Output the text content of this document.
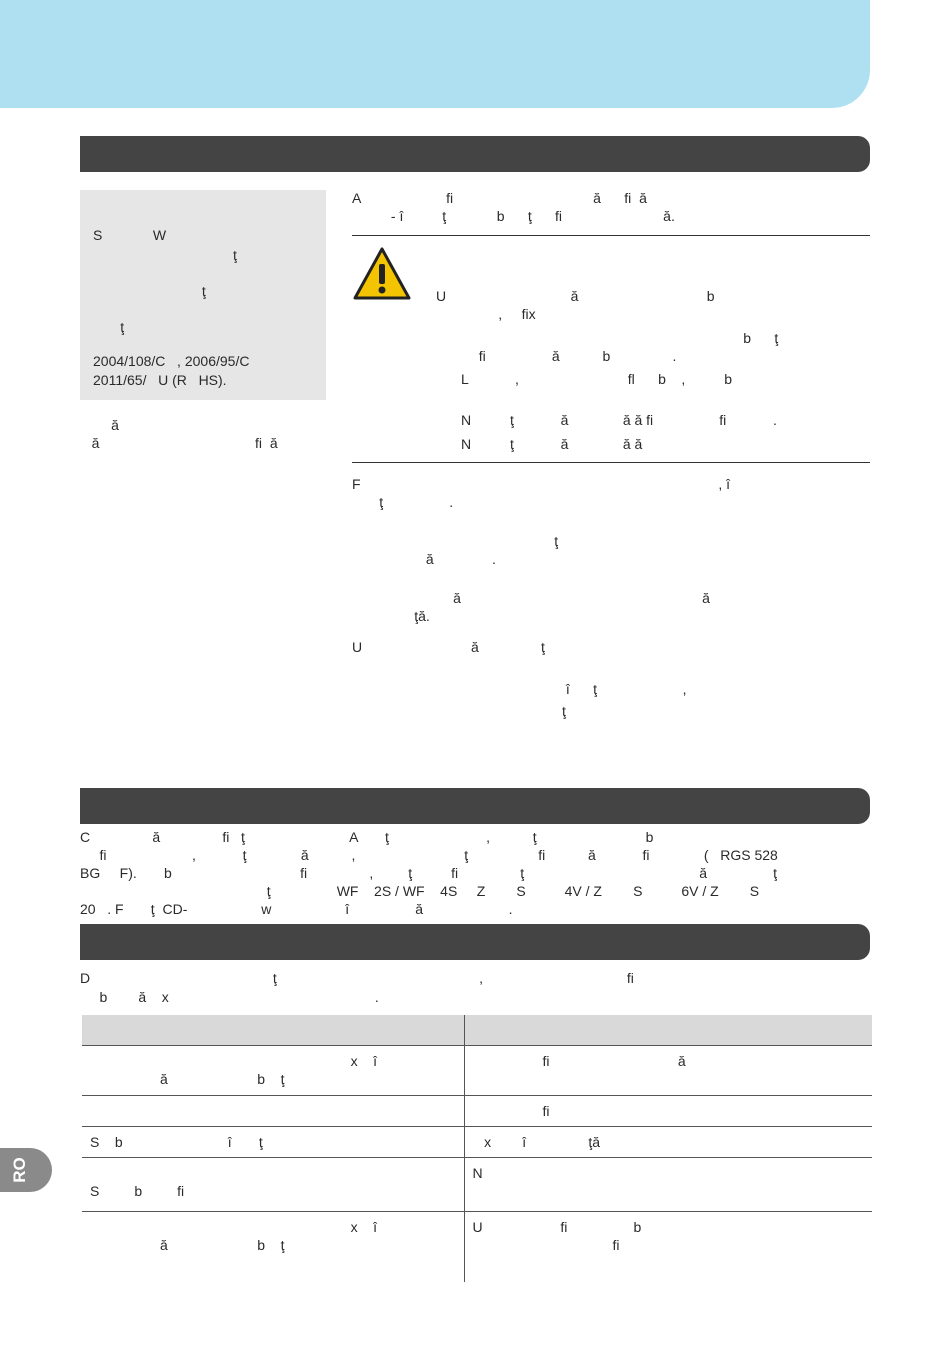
S             W

ţ

ţ

ţ

2004/108/C   , 2006/95/C

2011/65/   U (R   HS).

ă

ă                                        fi  ă

A                      fi                                    ă      fi  ă

- î          ţ             b      ţ      fi                          ă.

U                                ă                                 b

,     fix

b      ţ

fi                 ă           b                .

L            ,                            fl      b    ,          b

N          ţ            ă              ă ă fi                 fi            .

N          ţ            ă              ă ă

F                                                                                            , î

ţ                 .

ţ

ă               .

ă                                                              ă

ţă.

U                            ă                ţ

î      ţ                      ,

ţ

C                ă                fi   ţ                           A       ţ                         ,           ţ                            b

fi                      ,            ţ              ă           ,                            ţ                  fi           ă            fi              (   RGS 528

BG     F).       b                                 fi                ,         ţ          fi                ţ                                             ă                 ţ

ţ                 WF    2S / WF    4S     Z        S          4V / Z        S          6V / Z        S

20   . F       ţ  CD-                   w                   î                 ă                      .

D                                               ţ                                                    ,                                     fi

b        ă    x                                                     .

x    î
ă                       b    ţ	fi                                 ă
	fi
S    b                           î       ţ	x        î                ţă

S         b         fi	N
x    î
ă                       b    ţ	U                    fi                 b
fi
RO
